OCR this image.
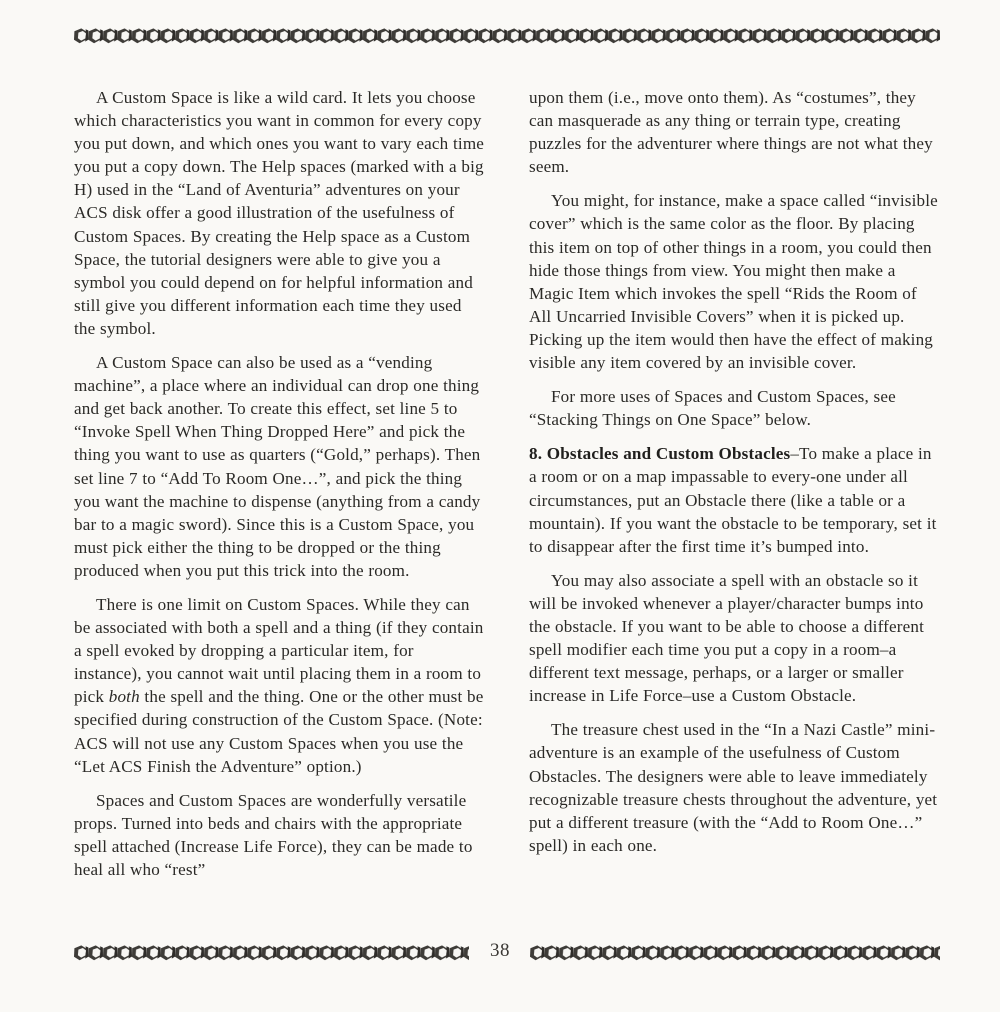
A Custom Space is like a wild card. It lets you choose which characteristics you want in common for every copy you put down, and which ones you want to vary each time you put a copy down. The Help spaces (marked with a big H) used in the “Land of Aventuria” adventures on your ACS disk offer a good illustration of the usefulness of Custom Spaces. By creating the Help space as a Custom Space, the tutorial designers were able to give you a symbol you could depend on for helpful information and still give you different information each time they used the symbol.

A Custom Space can also be used as a “vending machine”, a place where an individual can drop one thing and get back another. To create this effect, set line 5 to “Invoke Spell When Thing Dropped Here” and pick the thing you want to use as quarters (“Gold,” perhaps). Then set line 7 to “Add To Room One…”, and pick the thing you want the machine to dispense (anything from a candy bar to a magic sword). Since this is a Custom Space, you must pick either the thing to be dropped or the thing produced when you put this trick into the room.

There is one limit on Custom Spaces. While they can be associated with both a spell and a thing (if they contain a spell evoked by dropping a particular item, for instance), you cannot wait until placing them in a room to pick both the spell and the thing. One or the other must be specified during construction of the Custom Space. (Note: ACS will not use any Custom Spaces when you use the “Let ACS Finish the Adventure” option.)

Spaces and Custom Spaces are wonderfully versatile props. Turned into beds and chairs with the appropriate spell attached (Increase Life Force), they can be made to heal all who “rest”

upon them (i.e., move onto them). As “costumes”, they can masquerade as any thing or terrain type, creating puzzles for the adventurer where things are not what they seem.

You might, for instance, make a space called “invisible cover” which is the same color as the floor. By placing this item on top of other things in a room, you could then hide those things from view. You might then make a Magic Item which invokes the spell “Rids the Room of All Uncarried Invisible Covers” when it is picked up. Picking up the item would then have the effect of making visible any item covered by an invisible cover.

For more uses of Spaces and Custom Spaces, see “Stacking Things on One Space” below.

8. Obstacles and Custom Obstacles–To make a place in a room or on a map impassable to every-one under all circumstances, put an Obstacle there (like a table or a mountain). If you want the obstacle to be temporary, set it to disappear after the first time it’s bumped into.

You may also associate a spell with an obstacle so it will be invoked whenever a player/character bumps into the obstacle. If you want to be able to choose a different spell modifier each time you put a copy in a room–a different text message, perhaps, or a larger or smaller increase in Life Force–use a Custom Obstacle.

The treasure chest used in the “In a Nazi Castle” mini-adventure is an example of the usefulness of Custom Obstacles. The designers were able to leave immediately recognizable treasure chests throughout the adventure, yet put a different treasure (with the “Add to Room One…” spell) in each one.

38
